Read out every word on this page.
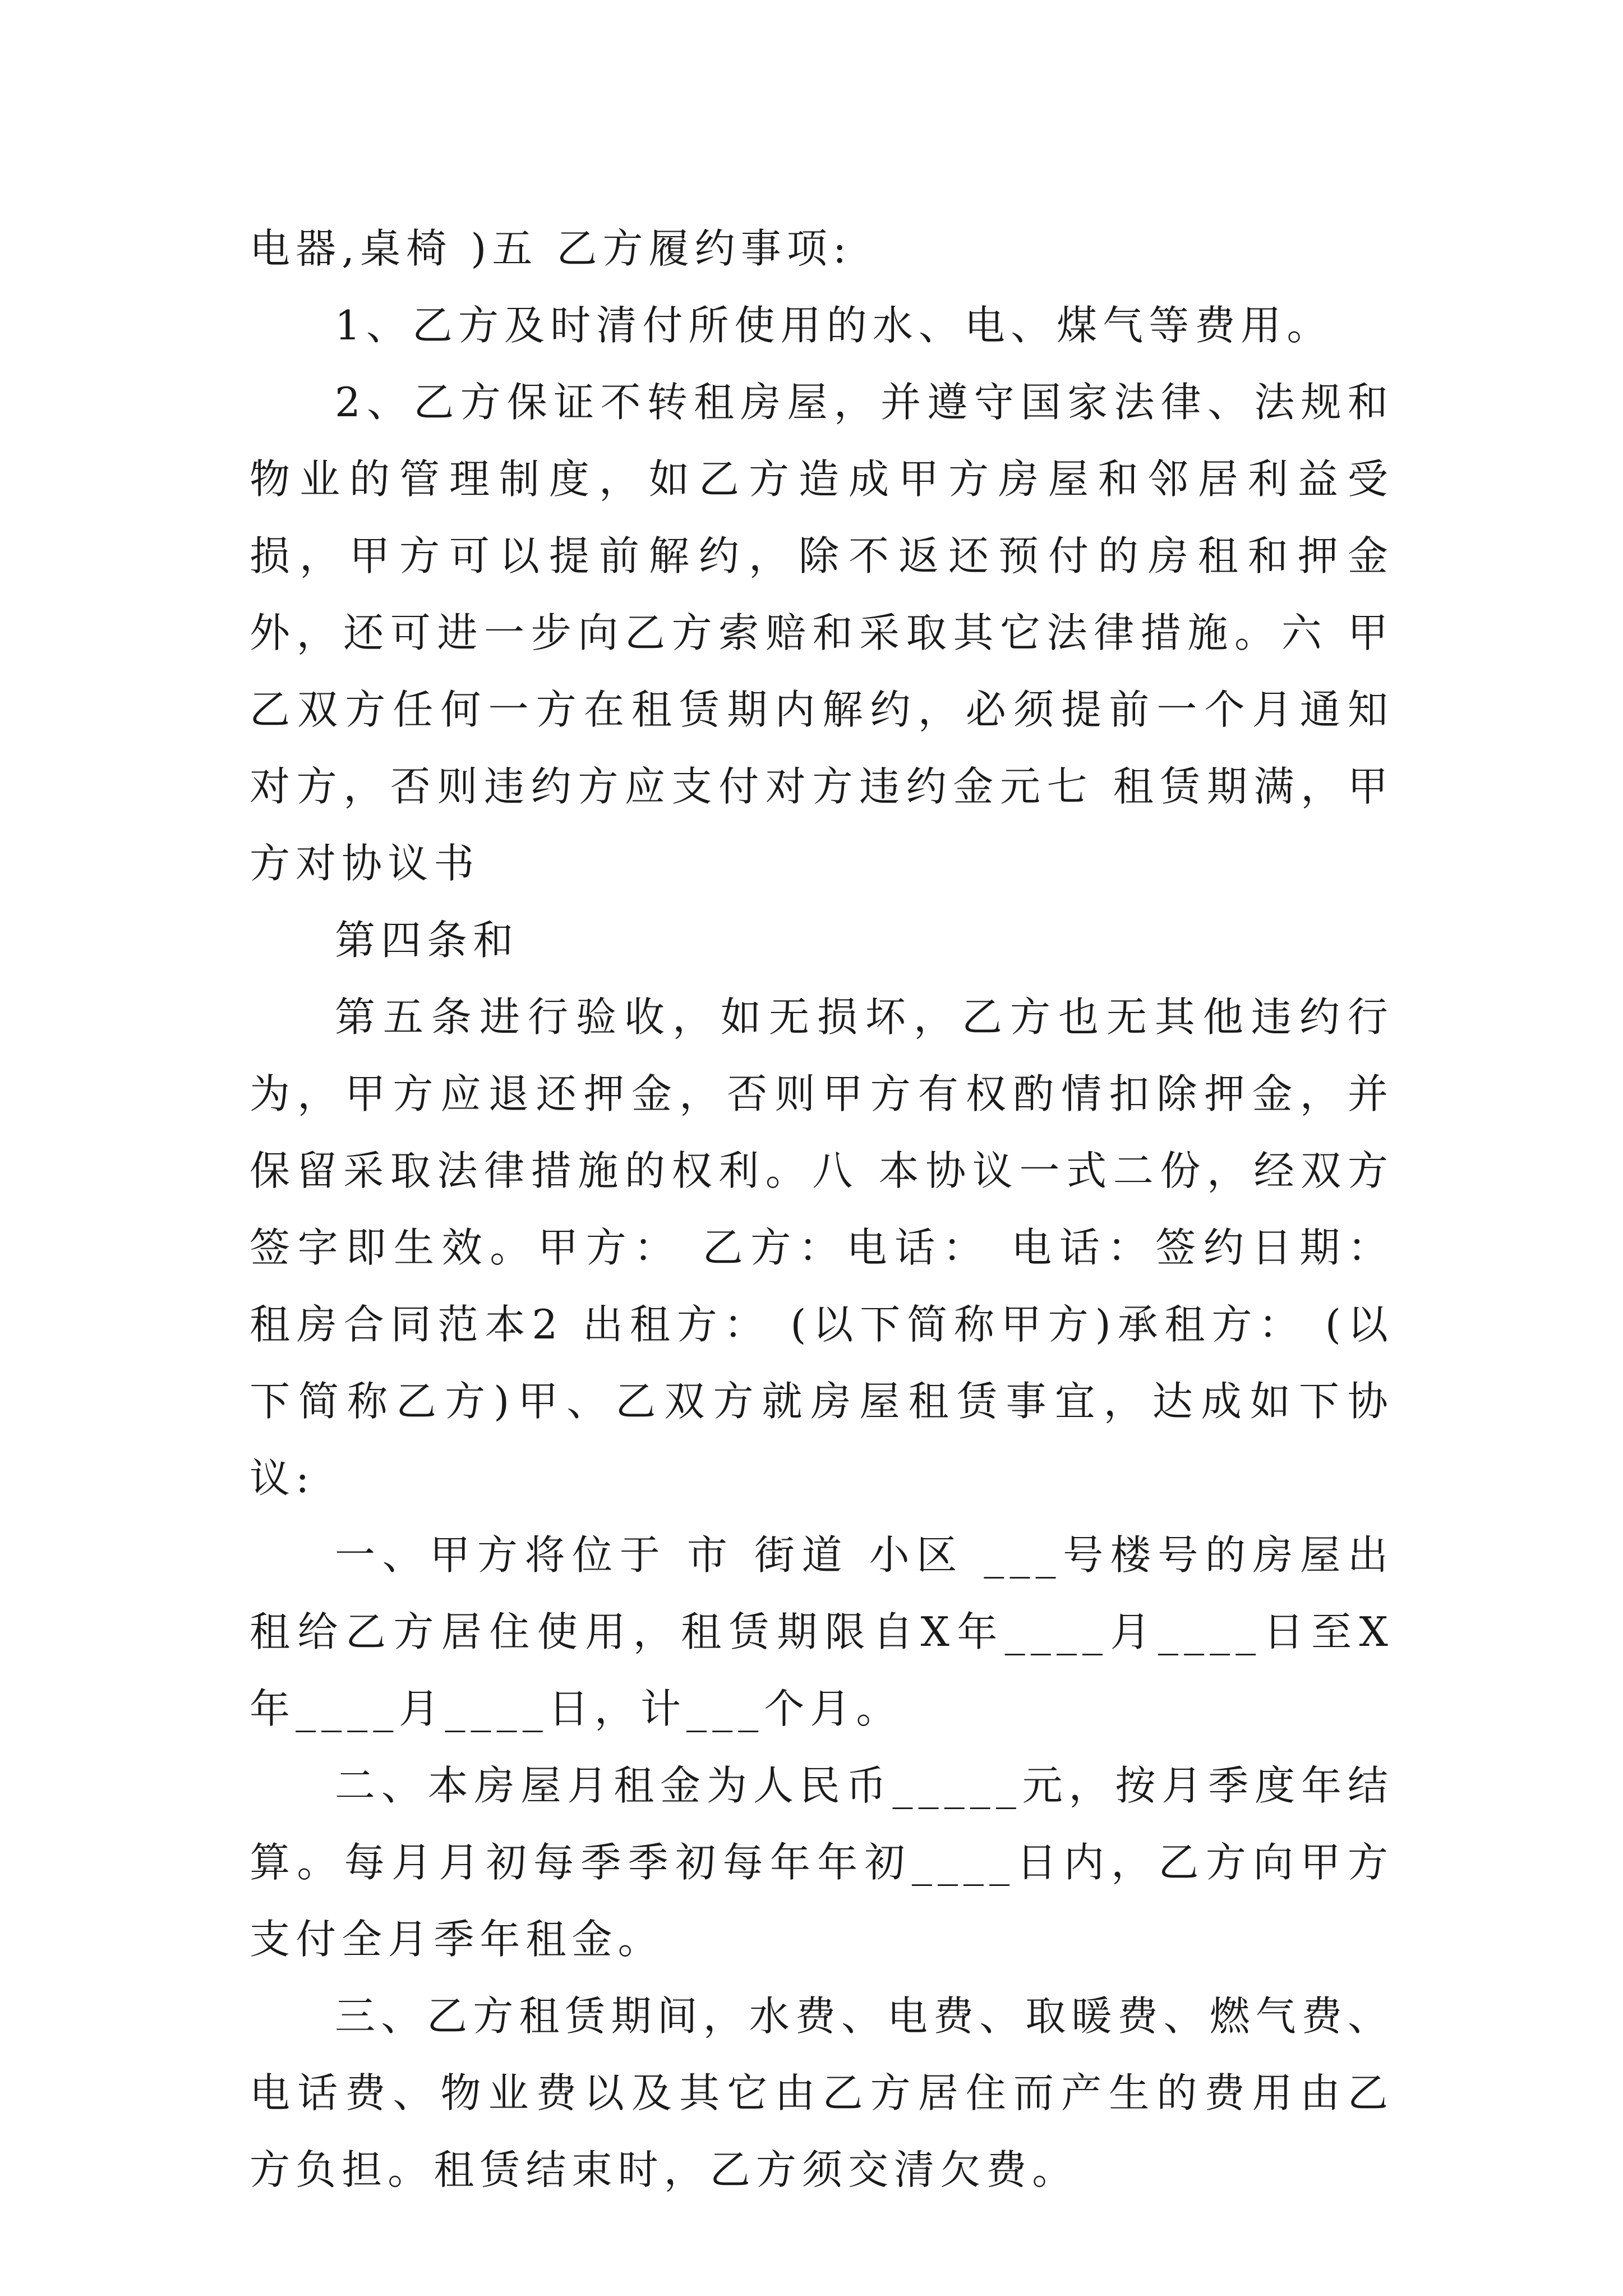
电器,桌椅 )五 乙方履约事项:

1、乙方及时清付所使用的水、电、煤气等费用。

2、乙方保证不转租房屋，并遵守国家法律、法规和物业的管理制度，如乙方造成甲方房屋和邻居利益受损，甲方可以提前解约，除不返还预付的房租和押金外，还可进一步向乙方索赔和采取其它法律措施。六 甲乙双方任何一方在租赁期内解约，必须提前一个月通知对方，否则违约方应支付对方违约金元七 租赁期满，甲方对协议书

第四条和

第五条进行验收，如无损坏，乙方也无其他违约行为，甲方应退还押金，否则甲方有权酌情扣除押金，并保留采取法律措施的权利。八 本协议一式二份，经双方签字即生效。甲方： 乙方：电话： 电话：签约日期： 租房合同范本2 出租方： (以下简称甲方)承租方： (以下简称乙方)甲、乙双方就房屋租赁事宜，达成如下协议:

一、甲方将位于 市 街道 小区 ___号楼号的房屋出租给乙方居住使用，租赁期限自X年____月____日至X年____月____日，计___个月。

二、本房屋月租金为人民币_____元，按月季度年结算。每月月初每季季初每年年初____日内，乙方向甲方支付全月季年租金。

三、乙方租赁期间，水费、电费、取暖费、燃气费、电话费、物业费以及其它由乙方居住而产生的费用由乙方负担。租赁结束时，乙方须交清欠费。
